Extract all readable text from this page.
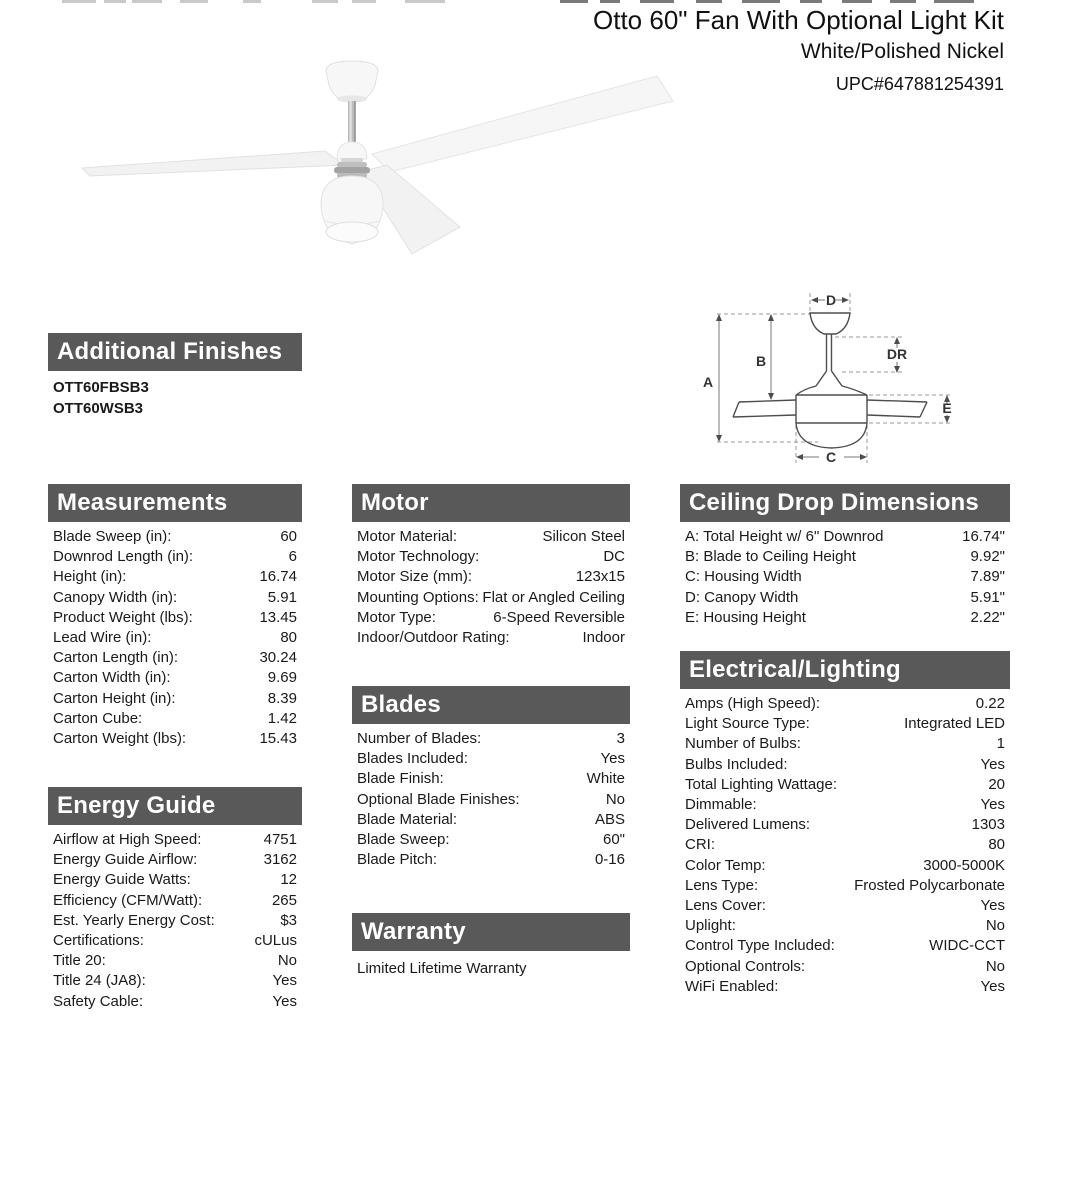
Otto 60" Fan With Optional Light Kit
White/Polished Nickel
UPC#647881254391
A
B
C
D
E
DR
Additional Finishes
OTT60FBSB3
OTT60WSB3
Measurements
Blade Sweep (in):	60
Downrod Length (in):	6
Height (in):	16.74
Canopy Width (in):	5.91
Product Weight (lbs):	13.45
Lead Wire (in):	80
Carton Length (in):	30.24
Carton Width (in):	9.69
Carton Height (in):	8.39
Carton Cube:	1.42
Carton Weight (lbs):	15.43
Energy Guide
Airflow at High Speed:	4751
Energy Guide Airflow:	3162
Energy Guide Watts:	12
Efficiency (CFM/Watt):	265
Est. Yearly Energy Cost:	$3
Certifications:	cULus
Title 20:	No
Title 24 (JA8):	Yes
Safety Cable:	Yes
Motor
Motor Material:	Silicon Steel
Motor Technology:	DC
Motor Size (mm):	123x15
Mounting Options: Flat or Angled Ceiling
Motor Type:	6-Speed Reversible
Indoor/Outdoor Rating:	Indoor
Blades
Number of Blades:	3
Blades Included:	Yes
Blade Finish:	White
Optional Blade Finishes:	No
Blade Material:	ABS
Blade Sweep:	60"
Blade Pitch:	0-16
Warranty
Limited Lifetime Warranty
Ceiling Drop Dimensions
A: Total Height w/ 6" Downrod	16.74"
B: Blade to Ceiling Height	9.92"
C: Housing Width	7.89"
D: Canopy Width	5.91"
E: Housing Height	2.22"
Electrical/Lighting
Amps (High Speed):	0.22
Light Source Type:	Integrated LED
Number of Bulbs:	1
Bulbs Included:	Yes
Total Lighting Wattage:	20
Dimmable:	Yes
Delivered Lumens:	1303
CRI:	80
Color Temp:	3000-5000K
Lens Type:	Frosted Polycarbonate
Lens Cover:	Yes
Uplight:	No
Control Type Included:	WIDC-CCT
Optional Controls:	No
WiFi Enabled:	Yes
